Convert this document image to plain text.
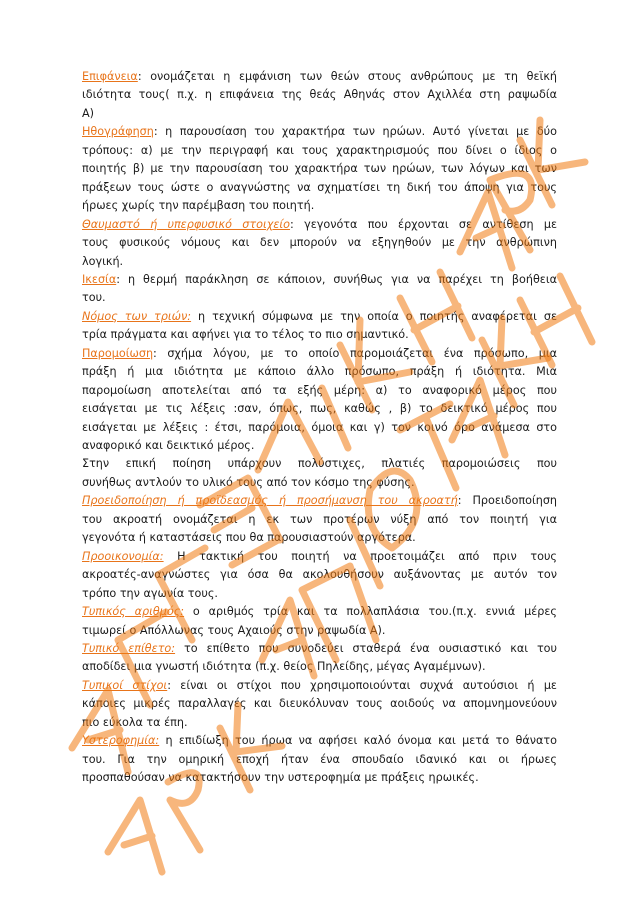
Επιφάνεια: ονομάζεται η εμφάνιση των θεών στους ανθρώπους με τη θεϊκή
ιδιότητα τους( π.χ. η επιφάνεια της θεάς Αθηνάς στον Αχιλλέα στη ραψωδία
Α)
Ηθογράφηση: η παρουσίαση του χαρακτήρα των ηρώων. Αυτό γίνεται με δύο
τρόπους: α) με την περιγραφή και τους χαρακτηρισμούς που δίνει ο ίδιος ο
ποιητής β) με την παρουσίαση του χαρακτήρα των ηρώων, των λόγων και των
πράξεων τους ώστε ο αναγνώστης να σχηματίσει τη δική του άποψη για τους
ήρωες χωρίς την παρέμβαση του ποιητή.
Θαυμαστό ή υπερφυσικό στοιχείο: γεγονότα που έρχονται σε αντίθεση με
τους φυσικούς νόμους και δεν μπορούν να εξηγηθούν με την ανθρώπινη
λογική.
Ικεσία: η θερμή παράκληση σε κάποιον, συνήθως για να παρέχει τη βοήθεια
του.
Νόμος των τριών: η τεχνική σύμφωνα με την οποία ο ποιητής αναφέρεται σε
τρία πράγματα και αφήνει για το τέλος το πιο σημαντικό.
Παρομοίωση: σχήμα λόγου, με το οποίο παρομοιάζεται ένα πρόσωπο, μια
πράξη ή μια ιδιότητα με κάποιο άλλο πρόσωπο, πράξη ή ιδιότητα. Μια
παρομοίωση αποτελείται από τα εξής μέρη: α) το αναφορικό μέρος που
εισάγεται με τις λέξεις :σαν, όπως, πως, καθώς , β) το δεικτικό μέρος που
εισάγεται με λέξεις : έτσι, παρόμοια, όμοια και γ) τον κοινό όρο ανάμεσα στο
αναφορικό και δεικτικό μέρος.
Στην επική ποίηση υπάρχουν πολύστιχες, πλατιές παρομοιώσεις που
συνήθως αντλούν το υλικό τους από τον κόσμο της φύσης.
Προειδοποίηση ή προϊδεασμός ή προσήμανση του ακροατή: Προειδοποίηση
του ακροατή ονομάζεται η εκ των προτέρων νύξη από τον ποιητή για
γεγονότα ή καταστάσεις που θα παρουσιαστούν αργότερα.
Προοικονομία: Η τακτική του ποιητή να προετοιμάζει από πριν τους
ακροατές-αναγνώστες για όσα θα ακολουθήσουν αυξάνοντας με αυτόν τον
τρόπο την αγωνία τους.
Τυπικός αριθμός: ο αριθμός τρία και τα πολλαπλάσια του.(π.χ. εννιά μέρες
τιμωρεί ο Απόλλωνας τους Αχαιούς στην ραψωδία Α).
Τυπικό επίθετο: το επίθετο που συνοδεύει σταθερά ένα ουσιαστικό και του
αποδίδει μια γνωστή ιδιότητα (π.χ. θείος Πηλείδης, μέγας Αγαμέμνων).
Τυπικοί στίχοι: είναι οι στίχοι που χρησιμοποιούνται συχνά αυτούσιοι ή με
κάποιες μικρές παραλλαγές και διευκόλυναν τους αοιδούς να απομνημονεύουν
πιο εύκολα τα έπη.
Υστεροφημία: η επιδίωξη του ήρωα να αφήσει καλό όνομα και μετά το θάνατο
του. Για την ομηρική εποχή ήταν ένα σπουδαίο ιδανικό και οι ήρωες
προσπαθούσαν να κατακτήσουν την υστεροφημία με πράξεις ηρωικές.
